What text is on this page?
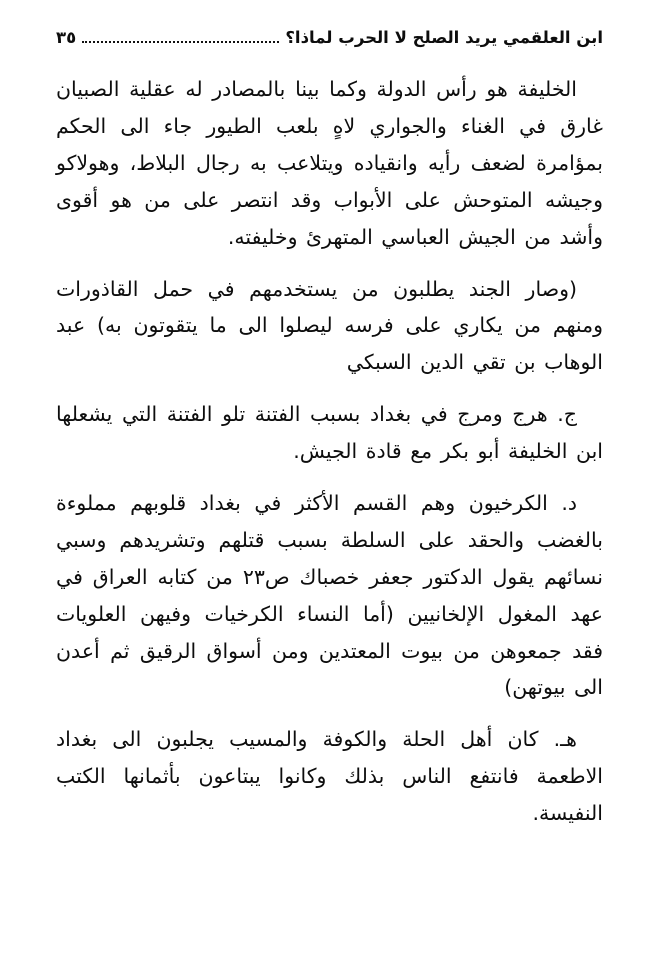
ابن العلقمي يريد الصلح لا الحرب لماذا؟
٣٥

الخليفة هو رأس الدولة وكما بينا بالمصادر له عقلية الصبيان غارق في الغناء والجواري لاهٍ بلعب الطيور جاء الى الحكم بمؤامرة لضعف رأيه وانقياده ويتلاعب به رجال البلاط، وهولاكو وجيشه المتوحش على الأبواب وقد انتصر على من هو أقوى وأشد من الجيش العباسي المتهرئ وخليفته.

(وصار الجند يطلبون من يستخدمهم في حمل القاذورات ومنهم من يكاري على فرسه ليصلوا الى ما يتقوتون به) عبد الوهاب بن تقي الدين السبكي

ج. هرج ومرج في بغداد بسبب الفتنة تلو الفتنة التي يشعلها ابن الخليفة أبو بكر مع قادة الجيش.

د. الكرخيون وهم القسم الأكثر في بغداد قلوبهم مملوءة بالغضب والحقد على السلطة بسبب قتلهم وتشريدهم وسبي نسائهم يقول الدكتور جعفر خصباك ص٢٣ من كتابه العراق في عهد المغول الإلخانيين (أما النساء الكرخيات وفيهن العلويات فقد جمعوهن من بيوت المعتدين ومن أسواق الرقيق ثم أعدن الى بيوتهن)

هـ. كان أهل الحلة والكوفة والمسيب يجلبون الى بغداد الاطعمة فانتفع الناس بذلك وكانوا يبتاعون بأثمانها الكتب النفيسة.
